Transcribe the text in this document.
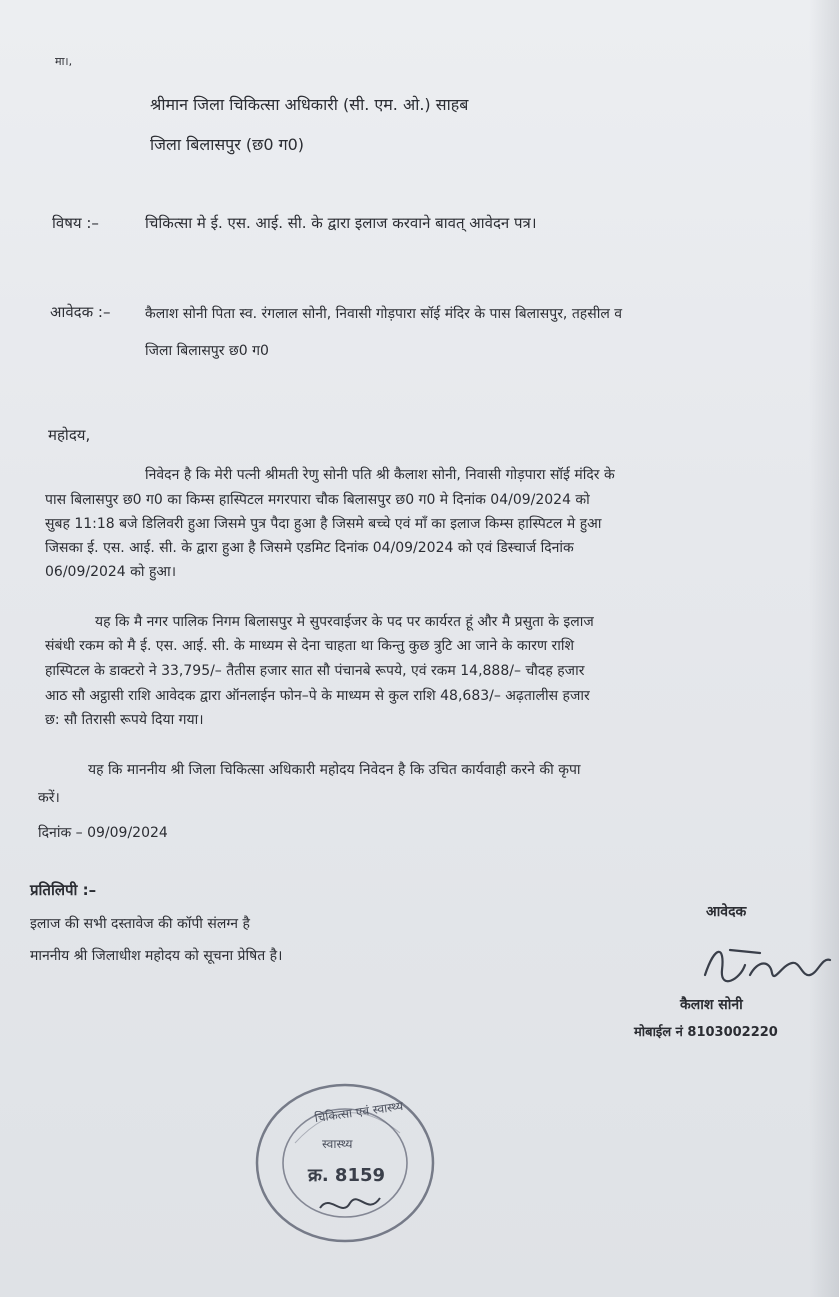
मा।,
श्रीमान जिला चिकित्सा अधिकारी (सी. एम. ओ.) साहब
जिला बिलासपुर (छ0 ग0)
विषय :–	चिकित्सा मे ई. एस. आई. सी. के द्वारा इलाज करवाने बावत् आवेदन पत्र।
आवेदक :– कैलाश सोनी पिता स्व. रंगलाल सोनी, निवासी गोड़पारा सॉई मंदिर के पास बिलासपुर, तहसील व
जिला बिलासपुर छ0 ग0
महोदय,
निवेदन है कि मेरी पत्नी श्रीमती रेणु सोनी पति श्री कैलाश सोनी, निवासी गोड़पारा सॉई मंदिर के
पास बिलासपुर छ0 ग0 का किम्स हास्पिटल मगरपारा चौक बिलासपुर छ0 ग0 मे दिनांक 04/09/2024 को
सुबह 11:18 बजे डिलिवरी हुआ जिसमे पुत्र पैदा हुआ है जिसमे बच्चे एवं माँ का इलाज किम्स हास्पिटल मे हुआ
जिसका ई. एस. आई. सी. के द्वारा हुआ है जिसमे एडमिट दिनांक 04/09/2024 को एवं डिस्चार्ज दिनांक
06/09/2024 को हुआ।
यह कि मै नगर पालिक निगम बिलासपुर मे सुपरवाईजर के पद पर कार्यरत हूं और मै प्रसुता के इलाज
संबंधी रकम को मै ई. एस. आई. सी. के माध्यम से देना चाहता था किन्तु कुछ त्रुटि आ जाने के कारण राशि
हास्पिटल के डाक्टरो ने 33,795/– तैतीस हजार सात सौ पंचानबे रूपये, एवं रकम 14,888/– चौदह हजार
आठ सौ अट्ठासी राशि आवेदक द्वारा ऑनलाईन फोन–पे के माध्यम से कुल राशि 48,683/– अढ़तालीस हजार
छ: सौ तिरासी रूपये दिया गया।
यह कि माननीय श्री जिला चिकित्सा अधिकारी महोदय निवेदन है कि उचित कार्यवाही करने की कृपा
करें।
दिनांक – 09/09/2024
प्रतिलिपी :–
इलाज की सभी दस्तावेज की कॉपी संलग्न है
माननीय श्री जिलाधीश महोदय को सूचना प्रेषित है।
आवेदक
कैलाश सोनी
मोबाईल नं 8103002220
चिकित्सा एवं स्वास्थ्य
स्वास्थ्य
क्र. 8159
